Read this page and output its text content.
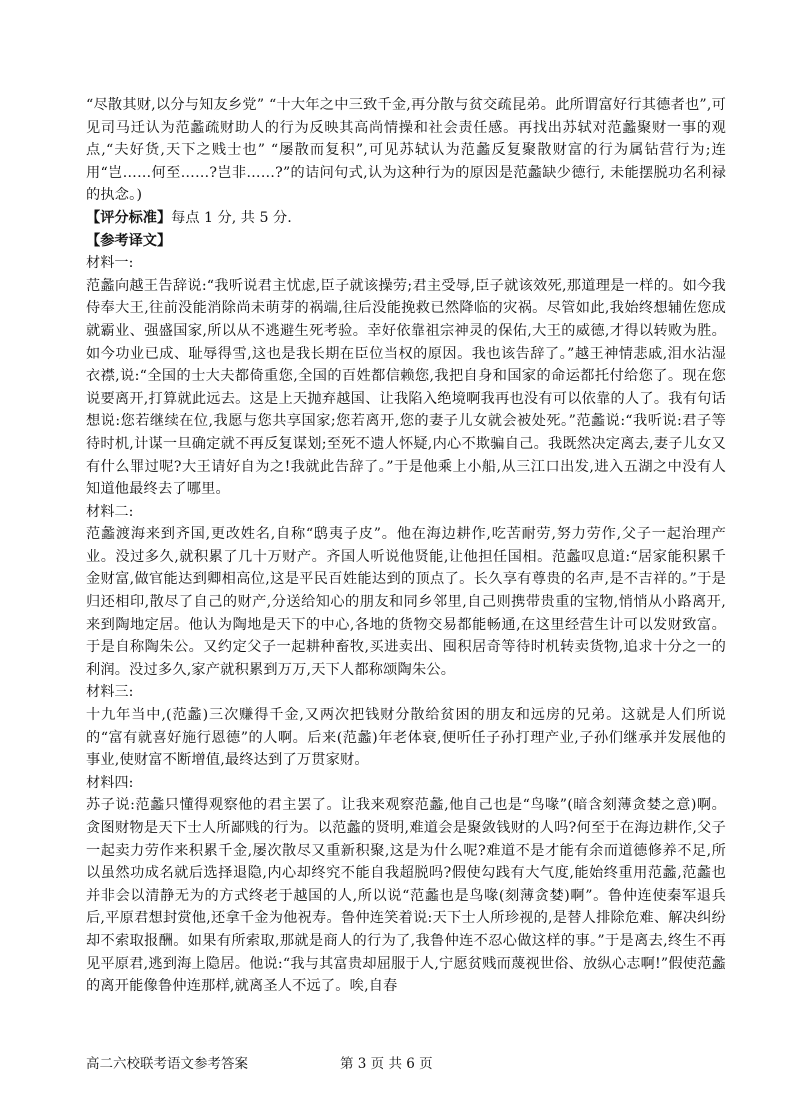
“尽散其财,以分与知友乡党” “十大年之中三致千金,再分散与贫交疏昆弟。此所谓富好行其德者也”,可见司马迁认为范蠡疏财助人的行为反映其高尚情操和社会责任感。再找出苏轼对范蠡聚财一事的观点,“夫好货,天下之贱士也” “屡散而复积”,可见苏轼认为范蠡反复聚散财富的行为属钻营行为;连用“岂……何至……?岂非……?”的诘问句式,认为这种行为的原因是范蠡缺少德行, 未能摆脱功名利禄的执念。)

【评分标准】每点 1 分, 共 5 分.

【参考译文】

材料一:

范蠡向越王告辞说:“我听说君主忧虑,臣子就该操劳;君主受辱,臣子就该效死,那道理是一样的。如今我侍奉大王,往前没能消除尚未萌芽的祸端,往后没能挽救已然降临的灾祸。尽管如此,我始终想辅佐您成就霸业、强盛国家,所以从不逃避生死考验。幸好依靠祖宗神灵的保佑,大王的威德,才得以转败为胜。如今功业已成、耻辱得雪,这也是我长期在臣位当权的原因。我也该告辞了。”越王神情悲戚,泪水沾湿衣襟,说:“全国的士大夫都倚重您,全国的百姓都信赖您,我把自身和国家的命运都托付给您了。现在您说要离开,打算就此远去。这是上天抛弃越国、让我陷入绝境啊我再也没有可以依靠的人了。我有句话想说:您若继续在位,我愿与您共享国家;您若离开,您的妻子儿女就会被处死。”范蠡说:“我听说:君子等待时机,计谋一旦确定就不再反复谋划;至死不遗人怀疑,内心不欺骗自己。我既然决定离去,妻子儿女又有什么罪过呢?大王请好自为之!我就此告辞了。”于是他乘上小船,从三江口出发,进入五湖之中没有人知道他最终去了哪里。

材料二:

范蠡渡海来到齐国,更改姓名,自称“鸱夷子皮”。他在海边耕作,吃苦耐劳,努力劳作,父子一起治理产业。没过多久,就积累了几十万财产。齐国人听说他贤能,让他担任国相。范蠡叹息道:“居家能积累千金财富,做官能达到卿相高位,这是平民百姓能达到的顶点了。长久享有尊贵的名声,是不吉祥的。”于是归还相印,散尽了自己的财产,分送给知心的朋友和同乡邻里,自己则携带贵重的宝物,悄悄从小路离开,来到陶地定居。他认为陶地是天下的中心,各地的货物交易都能畅通,在这里经营生计可以发财致富。于是自称陶朱公。又约定父子一起耕种畜牧,买进卖出、囤积居奇等待时机转卖货物,追求十分之一的利润。没过多久,家产就积累到万万,天下人都称颂陶朱公。

材料三:

十九年当中,(范蠡)三次赚得千金,又两次把钱财分散给贫困的朋友和远房的兄弟。这就是人们所说的“富有就喜好施行恩德”的人啊。后来(范蠡)年老体衰,便听任子孙打理产业,子孙们继承并发展他的事业,使财富不断增值,最终达到了万贯家财。

材料四:

苏子说:范蠡只懂得观察他的君主罢了。让我来观察范蠡,他自己也是“鸟喙”(暗含刻薄贪婪之意)啊。贪图财物是天下士人所鄙贱的行为。以范蠡的贤明,难道会是聚敛钱财的人吗?何至于在海边耕作,父子一起卖力劳作来积累千金,屡次散尽又重新积聚,这是为什么呢?难道不是才能有余而道德修养不足,所以虽然功成名就后选择退隐,内心却终究不能自我超脱吗?假使勾践有大气度,能始终重用范蠡,范蠡也并非会以清静无为的方式终老于越国的人,所以说“范蠡也是鸟喙(刻薄贪婪)啊”。鲁仲连使秦军退兵后,平原君想封赏他,还拿千金为他祝寿。鲁仲连笑着说:天下士人所珍视的,是替人排除危难、解决纠纷却不索取报酬。如果有所索取,那就是商人的行为了,我鲁仲连不忍心做这样的事。”于是离去,终生不再见平原君,逃到海上隐居。他说:“我与其富贵却屈服于人,宁愿贫贱而蔑视世俗、放纵心志啊!”假使范蠡的离开能像鲁仲连那样,就离圣人不远了。唉,自春

高二六校联考语文参考答案	第 3 页 共 6 页
